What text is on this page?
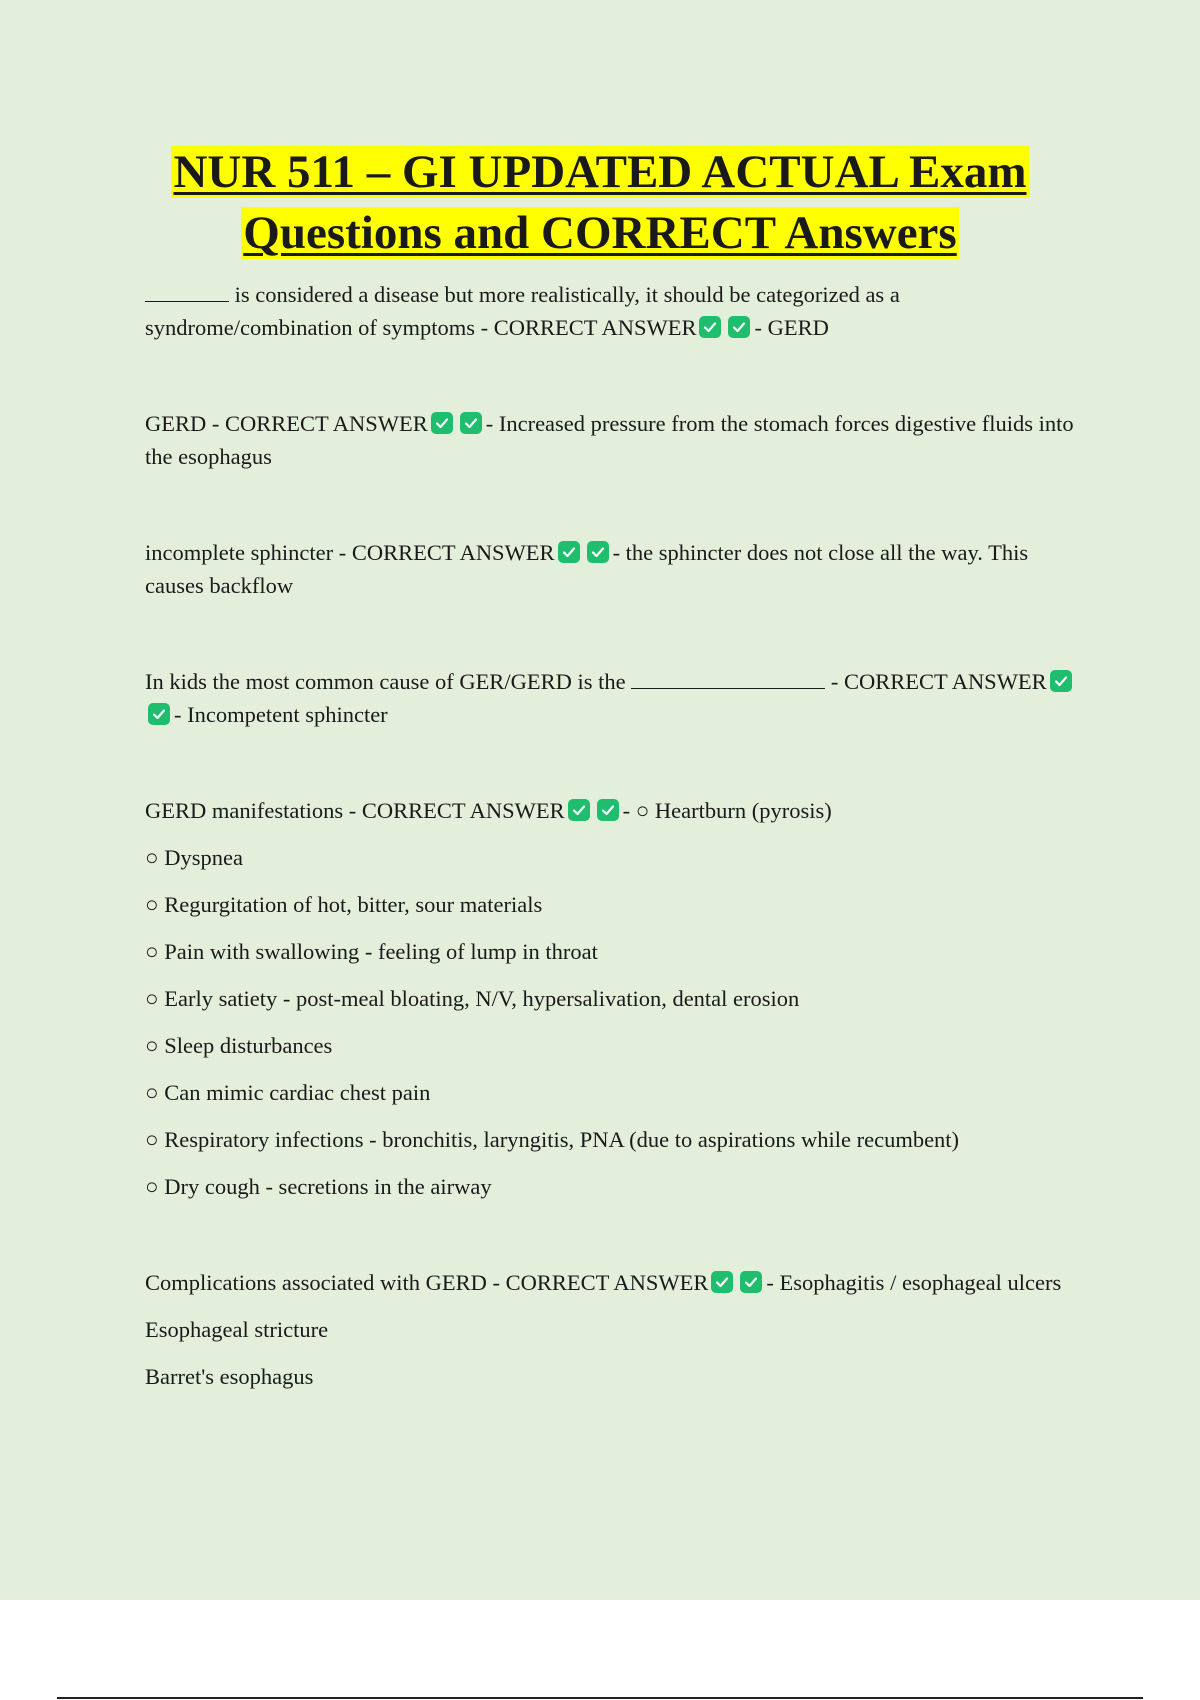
NUR 511 – GI UPDATED ACTUAL Exam
Questions and CORRECT Answers

is considered a disease but more realistically, it should be categorized as a syndrome/combination of symptoms - CORRECT ANSWER	- GERD

GERD - CORRECT ANSWER	- Increased pressure from the stomach forces digestive fluids into the esophagus

incomplete sphincter - CORRECT ANSWER	- the sphincter does not close all the way. This causes backflow

In kids the most common cause of GER/GERD is the	- CORRECT ANSWER
- Incompetent sphincter

GERD manifestations - CORRECT ANSWER	- ○ Heartburn (pyrosis)

○ Dyspnea

○ Regurgitation of hot, bitter, sour materials

○ Pain with swallowing - feeling of lump in throat

○ Early satiety - post-meal bloating, N/V, hypersalivation, dental erosion

○ Sleep disturbances

○ Can mimic cardiac chest pain

○ Respiratory infections - bronchitis, laryngitis, PNA (due to aspirations while recumbent)

○ Dry cough - secretions in the airway

Complications associated with GERD - CORRECT ANSWER	- Esophagitis / esophageal ulcers

Esophageal stricture

Barret's esophagus
